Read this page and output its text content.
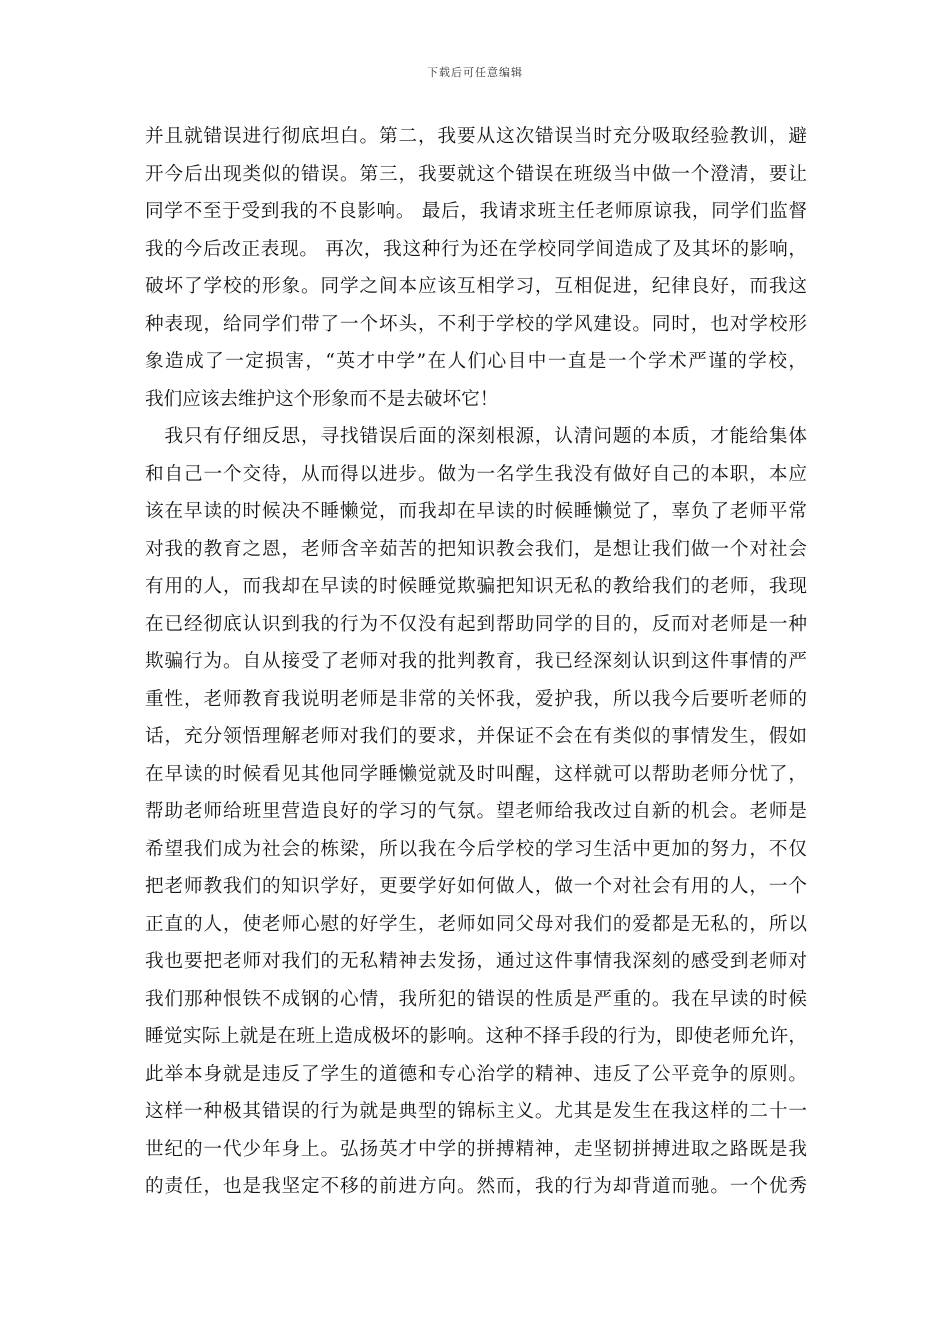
下载后可任意编辑
并且就错误进行彻底坦白。第二，我要从这次错误当时充分吸取经验教训，避
开今后出现类似的错误。第三，我要就这个错误在班级当中做一个澄清，要让
同学不至于受到我的不良影响。 最后，我请求班主任老师原谅我，同学们监督
我的今后改正表现。 再次，我这种行为还在学校同学间造成了及其坏的影响，
破坏了学校的形象。同学之间本应该互相学习，互相促进，纪律良好，而我这
种表现，给同学们带了一个坏头，不利于学校的学风建设。同时，也对学校形
象造成了一定损害，“英才中学”在人们心目中一直是一个学术严谨的学校，
我们应该去维护这个形象而不是去破坏它！
　我只有仔细反思，寻找错误后面的深刻根源，认清问题的本质，才能给集体
和自己一个交待，从而得以进步。做为一名学生我没有做好自己的本职，本应
该在早读的时候决不睡懒觉，而我却在早读的时候睡懒觉了，辜负了老师平常
对我的教育之恩，老师含辛茹苦的把知识教会我们，是想让我们做一个对社会
有用的人，而我却在早读的时候睡觉欺骗把知识无私的教给我们的老师，我现
在已经彻底认识到我的行为不仅没有起到帮助同学的目的，反而对老师是一种
欺骗行为。自从接受了老师对我的批判教育，我已经深刻认识到这件事情的严
重性，老师教育我说明老师是非常的关怀我，爱护我，所以我今后要听老师的
话，充分领悟理解老师对我们的要求，并保证不会在有类似的事情发生，假如
在早读的时候看见其他同学睡懒觉就及时叫醒，这样就可以帮助老师分忧了，
帮助老师给班里营造良好的学习的气氛。望老师给我改过自新的机会。老师是
希望我们成为社会的栋梁，所以我在今后学校的学习生活中更加的努力，不仅
把老师教我们的知识学好，更要学好如何做人，做一个对社会有用的人，一个
正直的人，使老师心慰的好学生，老师如同父母对我们的爱都是无私的，所以
我也要把老师对我们的无私精神去发扬，通过这件事情我深刻的感受到老师对
我们那种恨铁不成钢的心情，我所犯的错误的性质是严重的。我在早读的时候
睡觉实际上就是在班上造成极坏的影响。这种不择手段的行为，即使老师允许，
此举本身就是违反了学生的道德和专心治学的精神、违反了公平竞争的原则。
这样一种极其错误的行为就是典型的锦标主义。尤其是发生在我这样的二十一
世纪的一代少年身上。弘扬英才中学的拼搏精神，走坚韧拼搏进取之路既是我
的责任，也是我坚定不移的前进方向。然而，我的行为却背道而驰。一个优秀
